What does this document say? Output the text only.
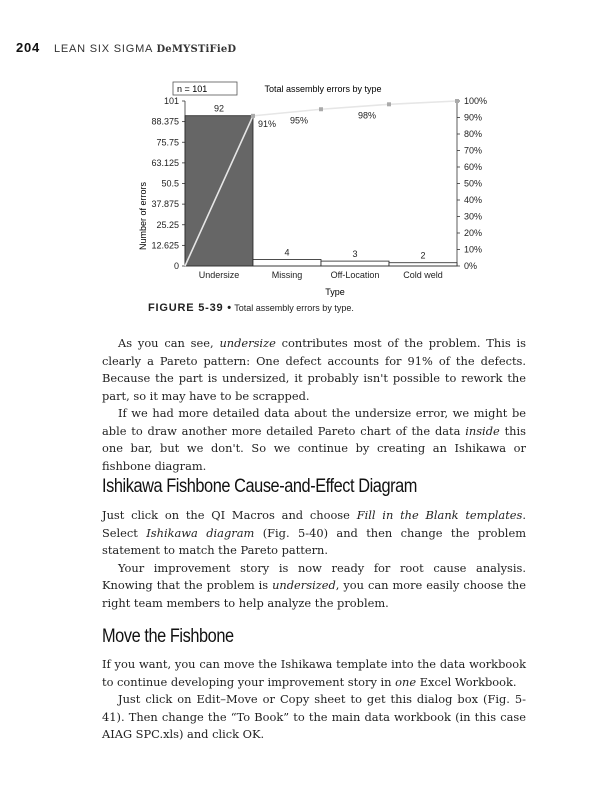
204 LEAN SIX SIGMA DeMYSTiFieD
0
12.625
25.25
37.875
50.5
63.125
75.75
88.375
101
0%
10%
20%
30%
40%
50%
60%
70%
80%
90%
100%
92
4	3	2
91% 95%	98%
Undersize	Missing	Off-Location	Cold weld
n = 101	Total assembly errors by type
Type
Number of errors
FIGURE 5-39 • Total assembly errors by type.

As you can see, undersize contributes most of the problem. This is clearly a Pareto pattern: One defect accounts for 91% of the defects. Because the part is undersized, it probably isn't possible to rework the part, so it may have to be scrapped.

If we had more detailed data about the undersize error, we might be able to draw another more detailed Pareto chart of the data inside this one bar, but we don't. So we continue by creating an Ishikawa or fishbone diagram.

Ishikawa Fishbone Cause-and-Effect Diagram

Just click on the QI Macros and choose Fill in the Blank templates. Select Ishikawa diagram (Fig. 5-40) and then change the problem statement to match the Pareto pattern.

Your improvement story is now ready for root cause analysis. Knowing that the problem is undersized, you can more easily choose the right team members to help analyze the problem.

Move the Fishbone

If you want, you can move the Ishikawa template into the data workbook to continue developing your improvement story in one Excel Workbook.

Just click on Edit–Move or Copy sheet to get this dialog box (Fig. 5-41). Then change the “To Book” to the main data workbook (in this case AIAG SPC.xls) and click OK.
